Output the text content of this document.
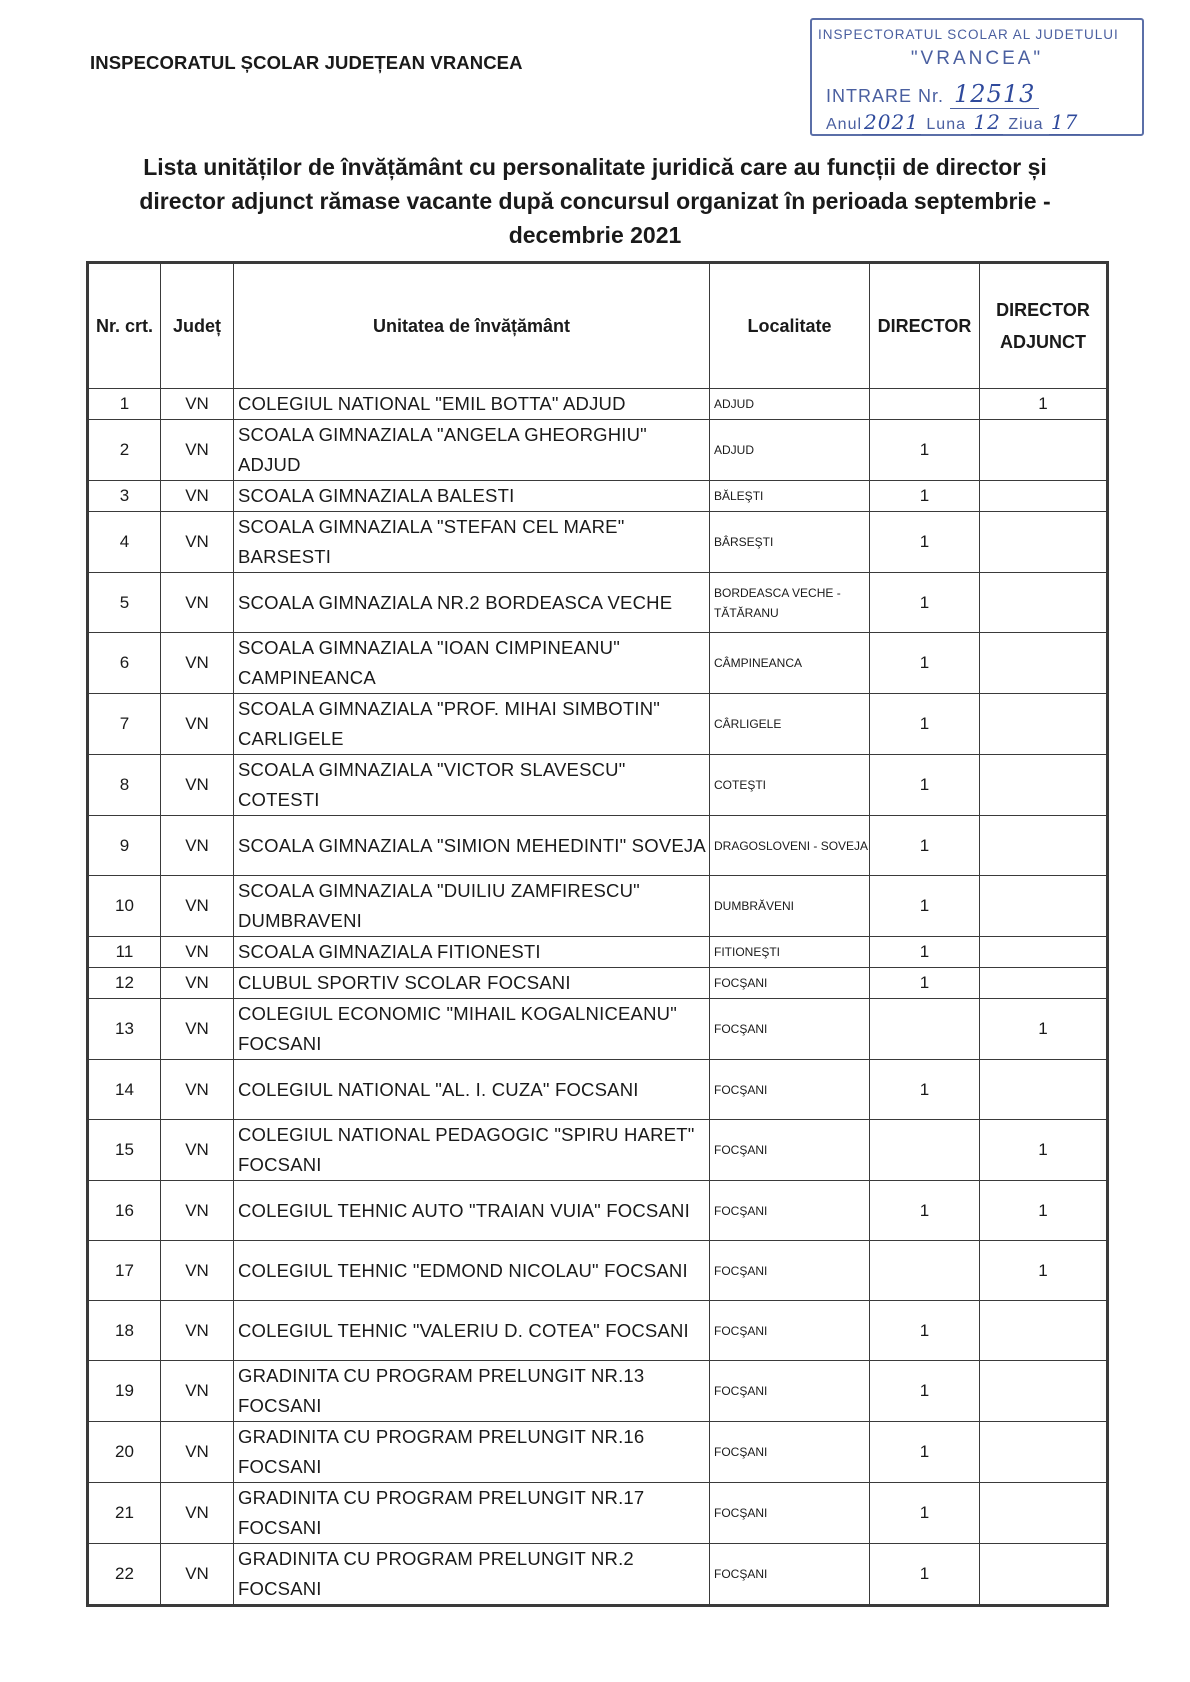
INSPECORATUL ȘCOLAR JUDEȚEAN VRANCEA
INSPECTORATUL SCOLAR AL JUDETULUI
"VRANCEA"
INTRARE Nr. 12513
Anul 2021 Luna 12 Ziua 17
Lista unităților de învățământ cu personalitate juridică care au funcții de director și
director adjunct rămase vacante după concursul organizat în perioada septembrie -
decembrie 2021
Nr. crt.	Județ	Unitatea de învățământ	Localitate	DIRECTOR	DIRECTOR ADJUNCT
1	VN	COLEGIUL NATIONAL "EMIL BOTTA" ADJUD	ADJUD		1
2	VN	SCOALA GIMNAZIALA "ANGELA GHEORGHIU" ADJUD	ADJUD	1	
3	VN	SCOALA GIMNAZIALA BALESTI	BĂLEŞTI	1	
4	VN	SCOALA GIMNAZIALA "STEFAN CEL MARE" BARSESTI	BÂRSEŞTI	1	
5	VN	SCOALA GIMNAZIALA NR.2 BORDEASCA VECHE	BORDEASCA VECHE - TĂTĂRANU	1	
6	VN	SCOALA GIMNAZIALA "IOAN CIMPINEANU" CAMPINEANCA	CÂMPINEANCA	1	
7	VN	SCOALA GIMNAZIALA "PROF. MIHAI SIMBOTIN" CARLIGELE	CÂRLIGELE	1	
8	VN	SCOALA GIMNAZIALA "VICTOR SLAVESCU" COTESTI	COTEŞTI	1	
9	VN	SCOALA GIMNAZIALA "SIMION MEHEDINTI" SOVEJA	DRAGOSLOVENI - SOVEJA	1	
10	VN	SCOALA GIMNAZIALA "DUILIU ZAMFIRESCU" DUMBRAVENI	DUMBRĂVENI	1	
11	VN	SCOALA GIMNAZIALA FITIONESTI	FITIONEŞTI	1	
12	VN	CLUBUL SPORTIV SCOLAR FOCSANI	FOCŞANI	1	
13	VN	COLEGIUL ECONOMIC "MIHAIL KOGALNICEANU" FOCSANI	FOCŞANI		1
14	VN	COLEGIUL NATIONAL "AL. I. CUZA" FOCSANI	FOCŞANI	1	
15	VN	COLEGIUL NATIONAL PEDAGOGIC "SPIRU HARET" FOCSANI	FOCŞANI		1
16	VN	COLEGIUL TEHNIC AUTO "TRAIAN VUIA" FOCSANI	FOCŞANI	1	1
17	VN	COLEGIUL TEHNIC "EDMOND NICOLAU" FOCSANI	FOCŞANI		1
18	VN	COLEGIUL TEHNIC "VALERIU D. COTEA" FOCSANI	FOCŞANI	1	
19	VN	GRADINITA CU PROGRAM PRELUNGIT NR.13 FOCSANI	FOCŞANI	1	
20	VN	GRADINITA CU PROGRAM PRELUNGIT NR.16 FOCSANI	FOCŞANI	1	
21	VN	GRADINITA CU PROGRAM PRELUNGIT NR.17 FOCSANI	FOCŞANI	1	
22	VN	GRADINITA CU PROGRAM PRELUNGIT NR.2 FOCSANI	FOCŞANI	1	
